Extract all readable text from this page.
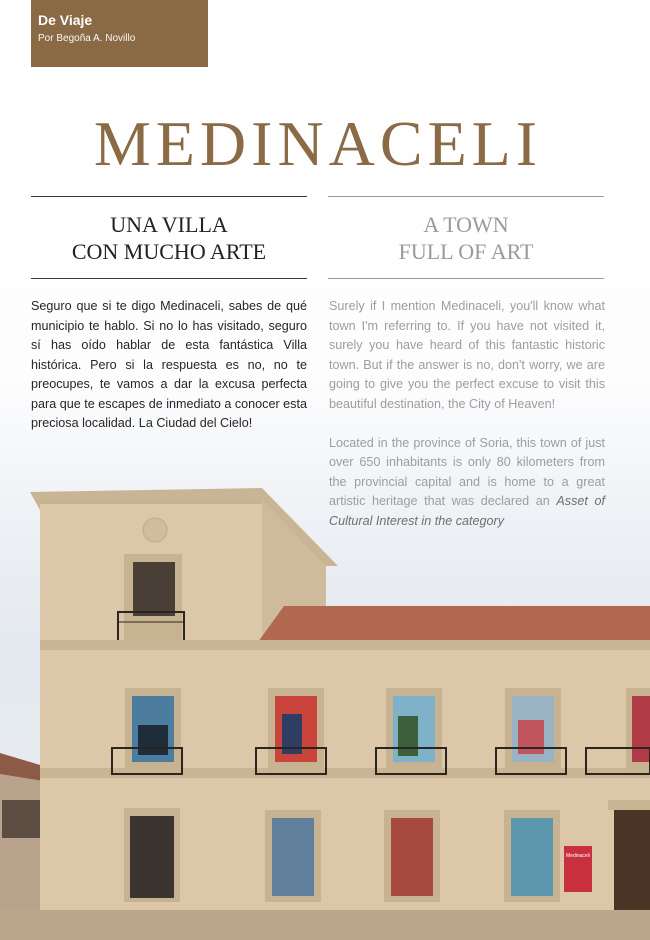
De Viaje
Por Begoña A. Novillo
MEDINACELI
UNA VILLA
CON MUCHO ARTE
A TOWN
FULL OF ART

Seguro que si te digo Medinaceli, sabes de qué municipio te hablo. Si no lo has visitado, seguro sí has oído hablar de esta fantástica Villa histórica. Pero si la respuesta es no, no te preocupes, te vamos a dar la excusa perfecta para que te escapes de inmediato a conocer esta preciosa localidad. La Ciudad del Cielo!

Surely if I mention Medinaceli, you'll know what town I'm referring to. If you have not visited it, surely you have heard of this fantastic historic town. But if the answer is no, don't worry, we are going to give you the perfect excuse to visit this beautiful destination, the City of Heaven!

Located in the province of Soria, this town of just over 650 inhabitants is only 80 kilometers from the provincial capital and is home to a great artistic heritage that was declared an Asset of Cultural Interest in the category

Medinaceli
